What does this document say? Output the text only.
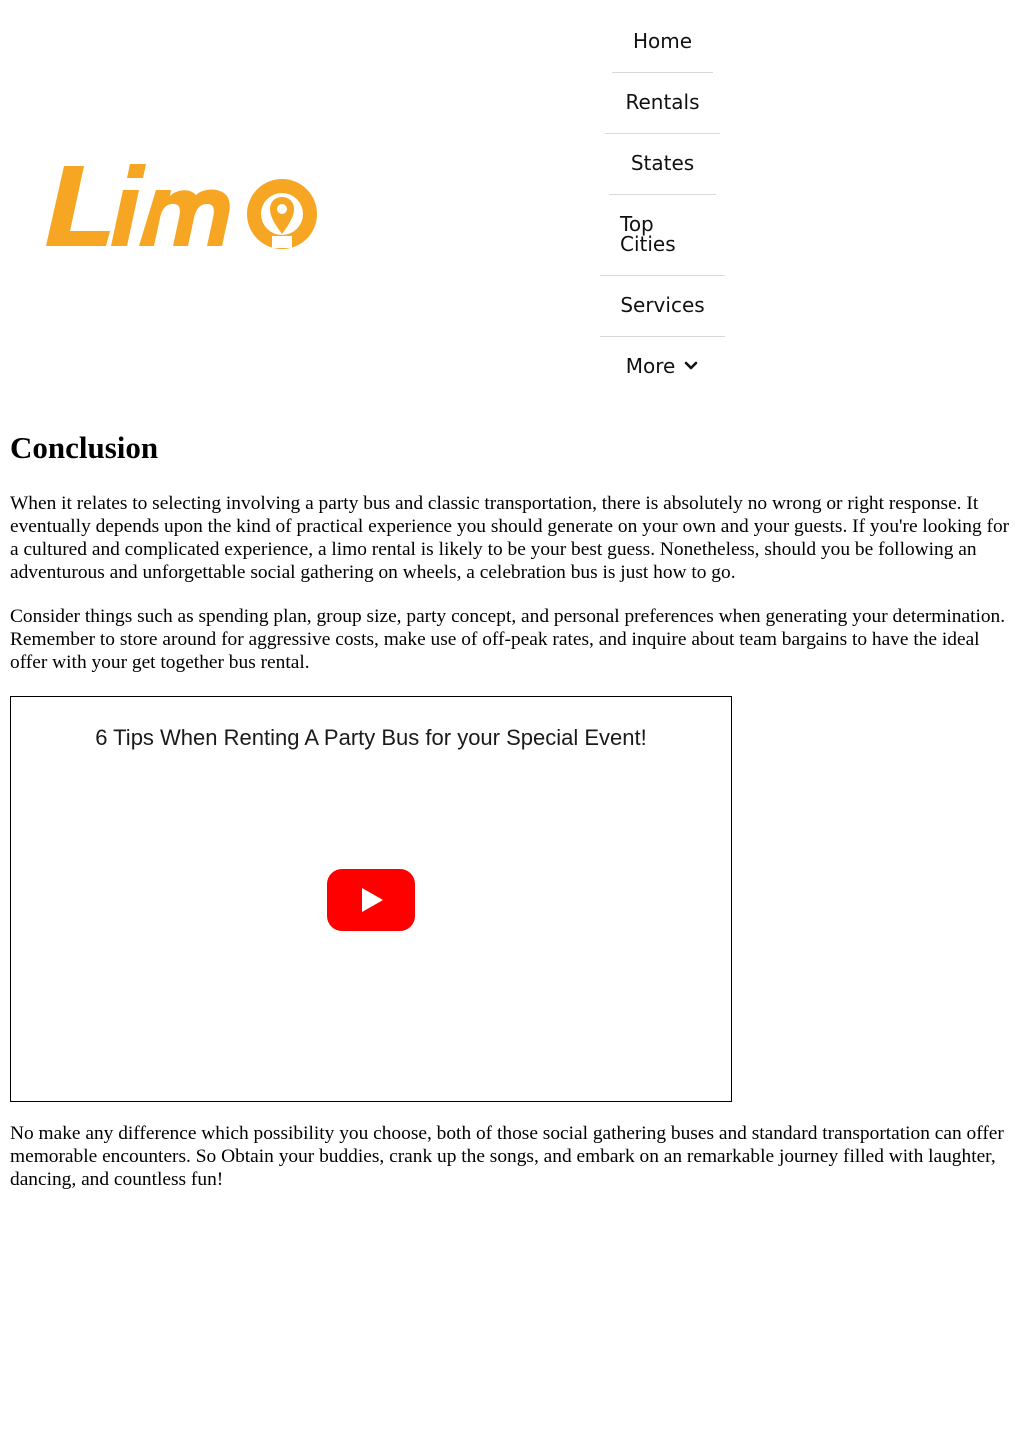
Home
Rentals
States
Top Cities
Services
More
Conclusion

When it relates to selecting involving a party bus and classic transportation, there is absolutely no wrong or right response. It eventually depends upon the kind of practical experience you should generate on your own and your guests. If you're looking for a cultured and complicated experience, a limo rental is likely to be your best guess. Nonetheless, should you be following an adventurous and unforgettable social gathering on wheels, a celebration bus is just how to go.

Consider things such as spending plan, group size, party concept, and personal preferences when generating your determination. Remember to store around for aggressive costs, make use of off-peak rates, and inquire about team bargains to have the ideal offer with your get together bus rental.

6 Tips When Renting A Party Bus for your Special Event!

No make any difference which possibility you choose, both of those social gathering buses and standard transportation can offer memorable encounters. So Obtain your buddies, crank up the songs, and embark on an remarkable journey filled with laughter, dancing, and countless fun!
